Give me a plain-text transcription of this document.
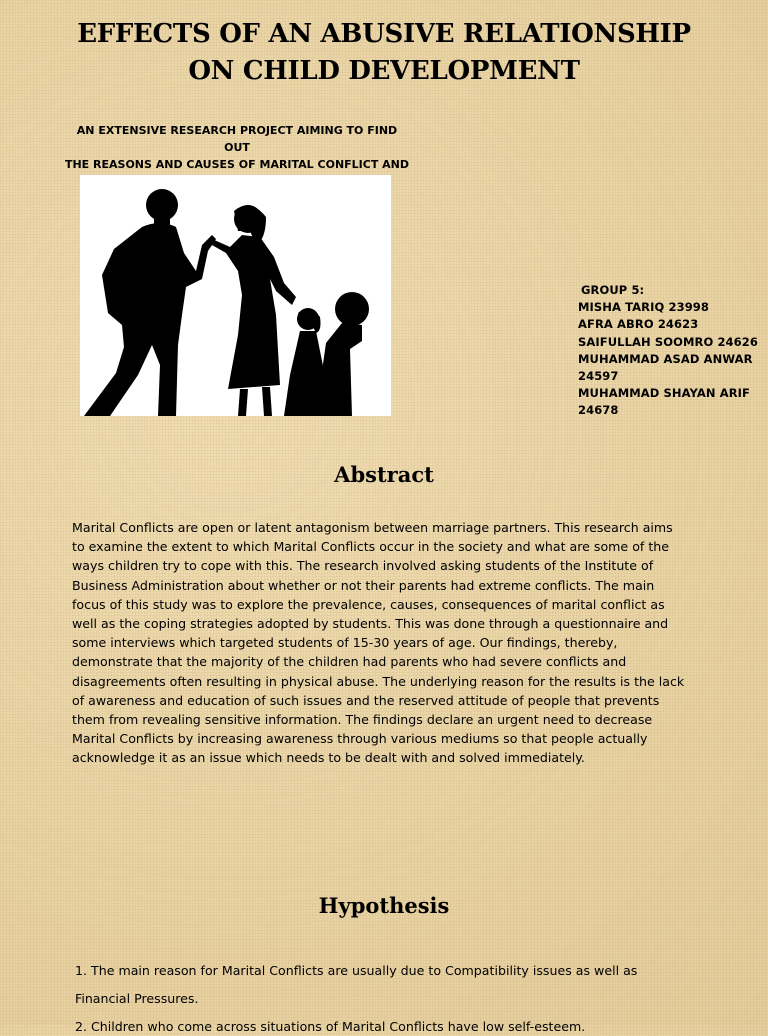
EFFECTS OF AN ABUSIVE RELATIONSHIP
ON CHILD DEVELOPMENT

AN EXTENSIVE RESEARCH PROJECT AIMING TO FIND OUT
THE REASONS AND CAUSES OF MARITAL CONFLICT AND

GROUP 5:
MISHA TARIQ 23998
AFRA ABRO 24623
SAIFULLAH SOOMRO 24626
MUHAMMAD ASAD ANWAR
24597
MUHAMMAD SHAYAN ARIF
24678
Abstract

Marital Conflicts are open or latent antagonism between marriage partners. This research aims
to examine the extent to which Marital Conflicts occur in the society and what are some of the
ways children try to cope with this. The research involved asking students of the Institute of
Business Administration about whether or not their parents had extreme conflicts. The main
focus of this study was to explore the prevalence, causes, consequences of marital conflict as
well as the coping strategies adopted by students. This was done through a questionnaire and
some interviews which targeted students of 15-30 years of age. Our findings, thereby,
demonstrate that the majority of the children had parents who had severe conflicts and
disagreements often resulting in physical abuse. The underlying reason for the results is the lack
of awareness and education of such issues and the reserved attitude of people that prevents
them from revealing sensitive information. The findings declare an urgent need to decrease
Marital Conflicts by increasing awareness through various mediums so that people actually
acknowledge it as an issue which needs to be dealt with and solved immediately.

Hypothesis
1. The main reason for Marital Conflicts are usually due to Compatibility issues as well as
Financial Pressures.
2. Children who come across situations of Marital Conflicts have low self-esteem.
